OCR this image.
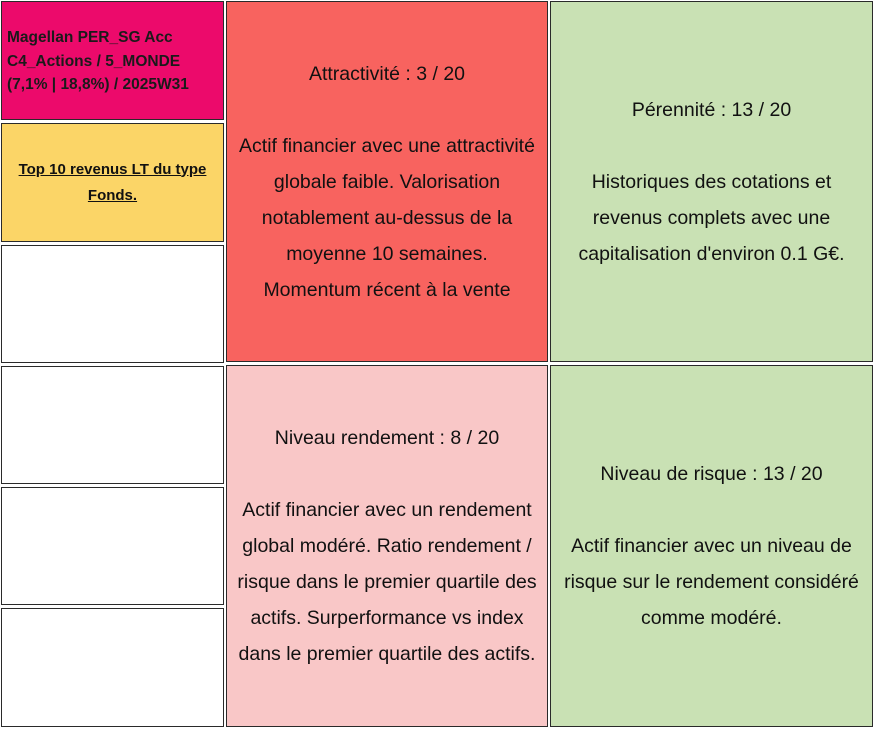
Magellan PER_SG Acc
C4_Actions / 5_MONDE
(7,1% | 18,8%) / 2025W31
Top 10 revenus LT du type Fonds.
Attractivité : 3 / 20
Actif financier avec une attractivité globale faible. Valorisation notablement au-dessus de la moyenne 10 semaines. Momentum récent à la vente
Pérennité : 13 / 20
Historiques des cotations et revenus complets avec une capitalisation d'environ 0.1 G€.
Niveau rendement : 8 / 20
Actif financier avec un rendement global modéré. Ratio rendement / risque dans le premier quartile des actifs. Surperformance vs index dans le premier quartile des actifs.
Niveau de risque : 13 / 20
Actif financier avec un niveau de risque sur le rendement considéré comme modéré.
